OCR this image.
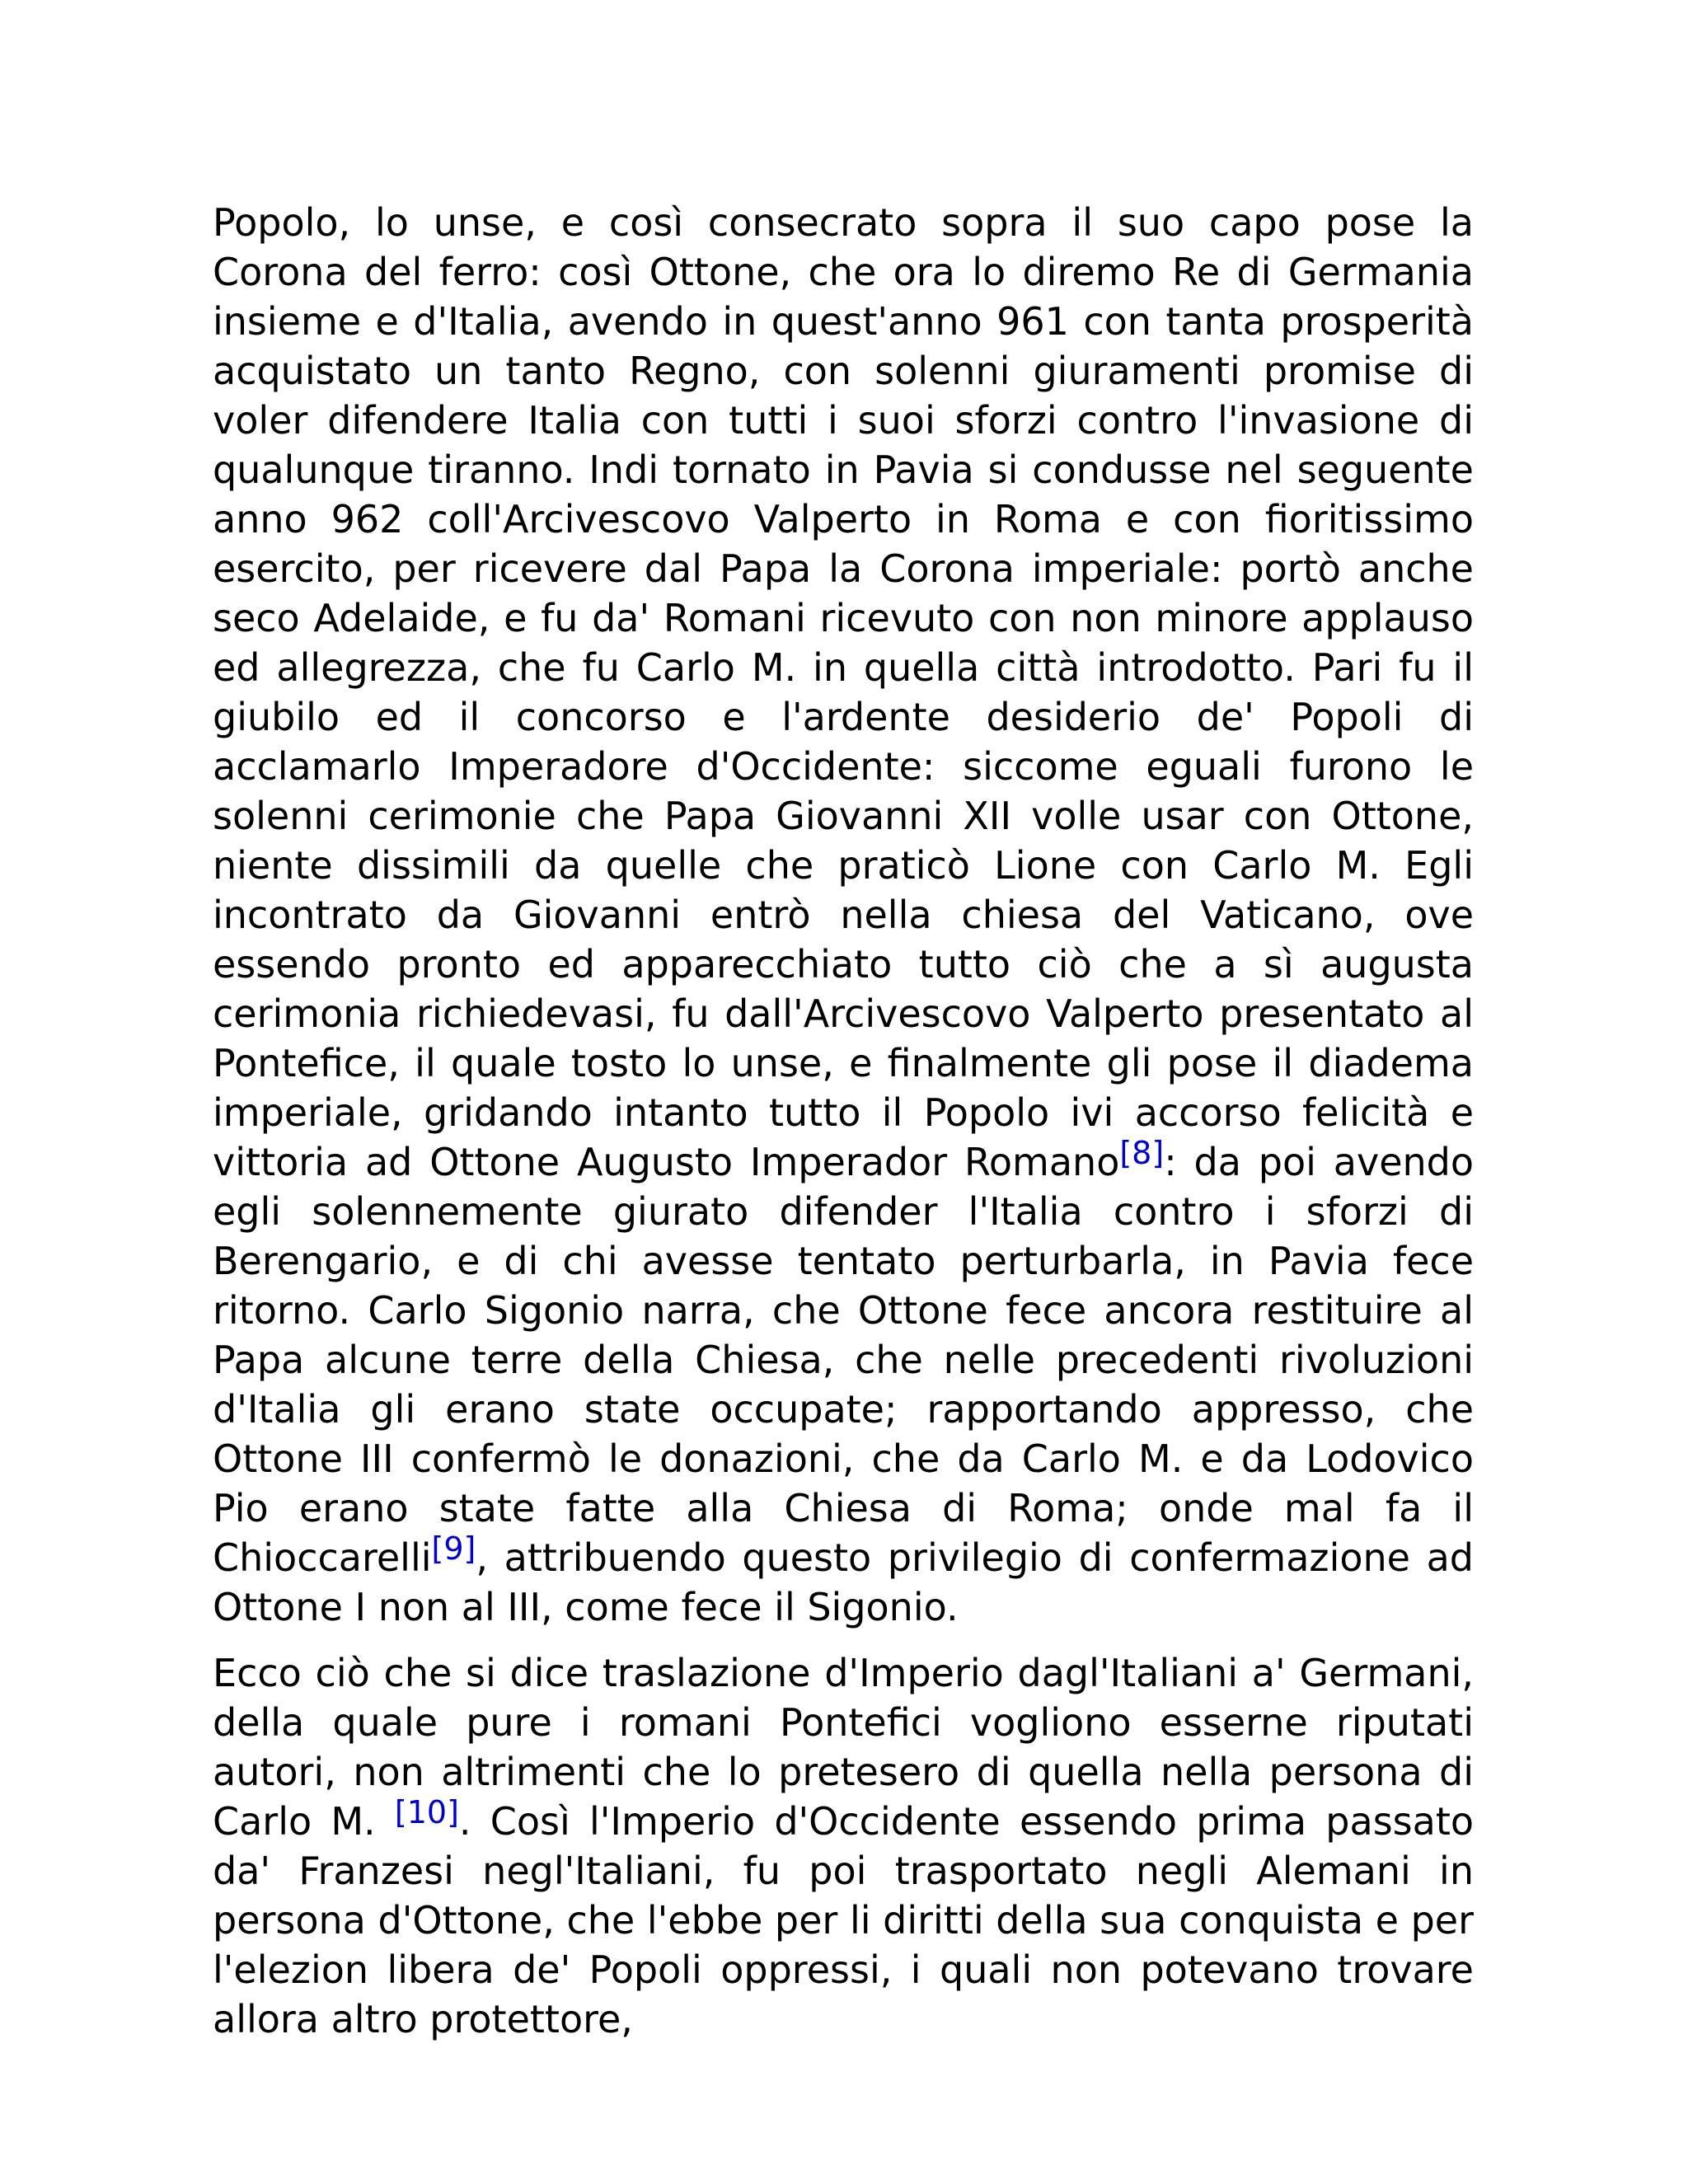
Popolo, lo unse, e così consecrato sopra il suo capo pose la Corona del ferro: così Ottone, che ora lo diremo Re di Germania insieme e d'Italia, avendo in quest'anno 961 con tanta prosperità acquistato un tanto Regno, con solenni giuramenti promise di voler difendere Italia con tutti i suoi sforzi contro l'invasione di qualunque tiranno. Indi tornato in Pavia si condusse nel seguente anno 962 coll'Arcivescovo Valperto in Roma e con fioritissimo esercito, per ricevere dal Papa la Corona imperiale: portò anche seco Adelaide, e fu da' Romani ricevuto con non minore applauso ed allegrezza, che fu Carlo M. in quella città introdotto. Pari fu il giubilo ed il concorso e l'ardente desiderio de' Popoli di acclamarlo Imperadore d'Occidente: siccome eguali furono le solenni cerimonie che Papa Giovanni XII volle usar con Ottone, niente dissimili da quelle che praticò Lione con Carlo M. Egli incontrato da Giovanni entrò nella chiesa del Vaticano, ove essendo pronto ed apparecchiato tutto ciò che a sì augusta cerimonia richiedevasi, fu dall'Arcivescovo Valperto presentato al Pontefice, il quale tosto lo unse, e finalmente gli pose il diadema imperiale, gridando intanto tutto il Popolo ivi accorso felicità e vittoria ad Ottone Augusto Imperador Romano[8]: da poi avendo egli solennemente giurato difender l'Italia contro i sforzi di Berengario, e di chi avesse tentato perturbarla, in Pavia fece ritorno. Carlo Sigonio narra, che Ottone fece ancora restituire al Papa alcune terre della Chiesa, che nelle precedenti rivoluzioni d'Italia gli erano state occupate; rapportando appresso, che Ottone III confermò le donazioni, che da Carlo M. e da Lodovico Pio erano state fatte alla Chiesa di Roma; onde mal fa il Chioccarelli[9], attribuendo questo privilegio di confermazione ad Ottone I non al III, come fece il Sigonio.

Ecco ciò che si dice traslazione d'Imperio dagl'Italiani a' Germani, della quale pure i romani Pontefici vogliono esserne riputati autori, non altrimenti che lo pretesero di quella nella persona di Carlo M. [10]. Così l'Imperio d'Occidente essendo prima passato da' Franzesi negl'Italiani, fu poi trasportato negli Alemani in persona d'Ottone, che l'ebbe per li diritti della sua conquista e per l'elezion libera de' Popoli oppressi, i quali non potevano trovare allora altro protettore,
